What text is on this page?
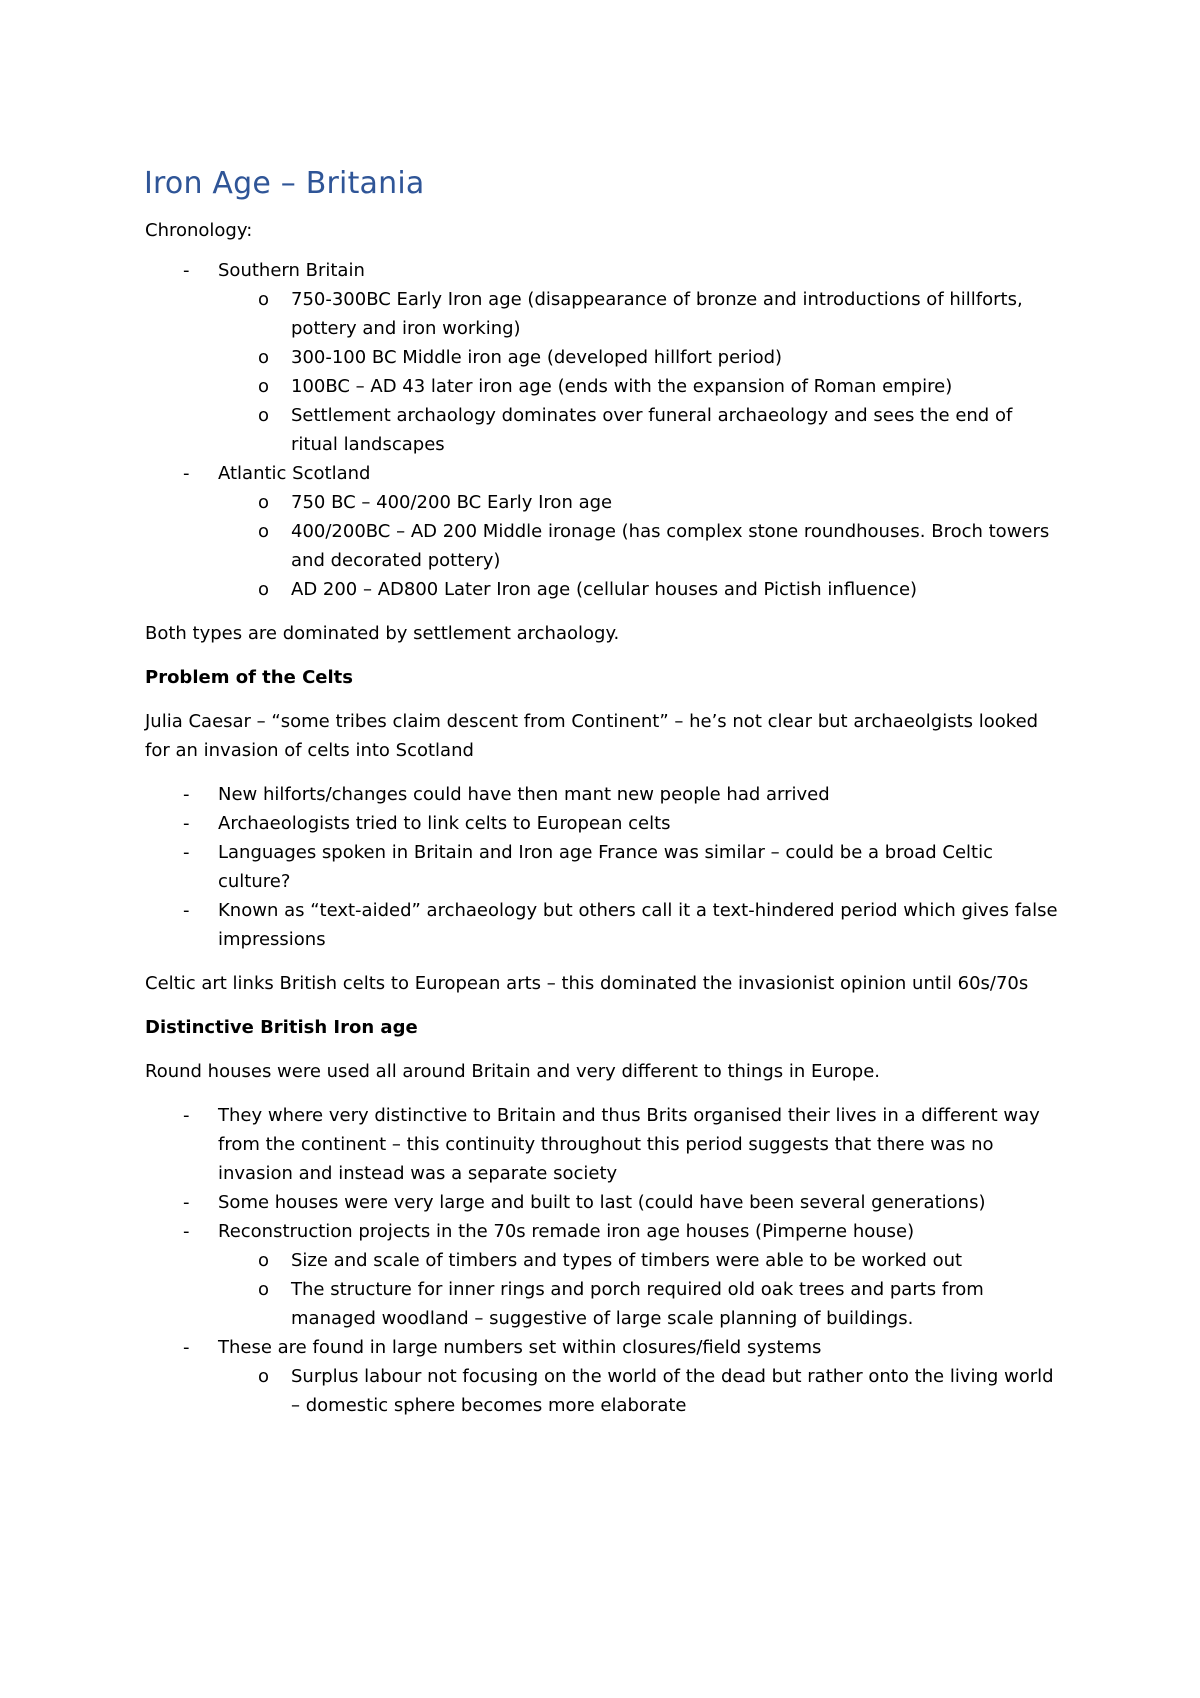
Iron Age – Britania
Chronology:
-	Southern Britain
o 750-300BC Early Iron age (disappearance of bronze and introductions of hillforts,
pottery and iron working)
o 300-100 BC Middle iron age (developed hillfort period)
o 100BC – AD 43 later iron age (ends with the expansion of Roman empire)
o Settlement archaology dominates over funeral archaeology and sees the end of
ritual landscapes
-	Atlantic Scotland
o 750 BC – 400/200 BC Early Iron age
o 400/200BC – AD 200 Middle ironage (has complex stone roundhouses. Broch towers
and decorated pottery)
o AD 200 – AD800 Later Iron age (cellular houses and Pictish influence)
Both types are dominated by settlement archaology.
Problem of the Celts
Julia Caesar – “some tribes claim descent from Continent” – he’s not clear but archaeolgists looked
for an invasion of celts into Scotland
-	New hilforts/changes could have then mant new people had arrived
-	Archaeologists tried to link celts to European celts
-	Languages spoken in Britain and Iron age France was similar – could be a broad Celtic
culture?
-	Known as “text-aided” archaeology but others call it a text-hindered period which gives false
impressions
Celtic art links British celts to European arts – this dominated the invasionist opinion until 60s/70s
Distinctive British Iron age
Round houses were used all around Britain and very different to things in Europe.
-	They where very distinctive to Britain and thus Brits organised their lives in a different way
from the continent – this continuity throughout this period suggests that there was no
invasion and instead was a separate society
-	Some houses were very large and built to last (could have been several generations)
-	Reconstruction projects in the 70s remade iron age houses (Pimperne house)
o Size and scale of timbers and types of timbers were able to be worked out
o The structure for inner rings and porch required old oak trees and parts from
managed woodland – suggestive of large scale planning of buildings.
-	These are found in large numbers set within closures/field systems
o Surplus labour not focusing on the world of the dead but rather onto the living world
– domestic sphere becomes more elaborate
